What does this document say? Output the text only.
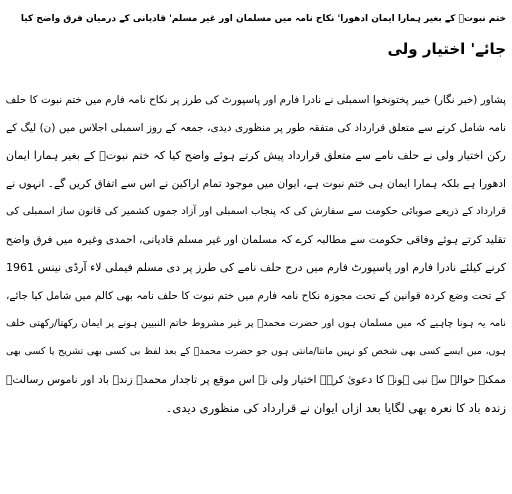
ختم نبوتؐ کے بغیر ہمارا ایمان ادھورا' نکاح نامہ میں مسلمان اور غیر مسلم' قادیانی کے درمیان فرق واضح کیا
جائے' اختیار ولی
پشاور (خبر نگار) خیبر پختونخوا اسمبلی نے نادرا فارم اور پاسپورٹ کی طرز پر نکاح نامہ فارم میں ختم نبوت کا حلف
نامہ شامل کرنے سے متعلق قرارداد کی متفقہ طور پر منظوری دیدی، جمعہ کے روز اسمبلی اجلاس میں (ن) لیگ کے
رکن اختیار ولی نے حلف نامے سے متعلق قرارداد پیش کرتے ہوئے واضح کیا کہ ختم نبوتؐ کے بغیر ہمارا ایمان
ادھورا ہے بلکہ ہمارا ایمان ہی ختم نبوت ہے، ایوان میں موجود تمام اراکین نے اس سے اتفاق کریں گے۔ انہوں نے
قرارداد کے ذریعے صوبائی حکومت سے سفارش کی کہ پنجاب اسمبلی اور آزاد جموں کشمیر کی قانون ساز اسمبلی کی
تقلید کرتے ہوئے وفاقی حکومت سے مطالبہ کرے کہ مسلمان اور غیر مسلم قادیانی، احمدی وغیرہ میں فرق واضح
کرنے کیلئے نادرا فارم اور پاسپورٹ فارم میں درج حلف نامے کی طرز پر دی مسلم فیملی لاء آرڈی نینس 1961
کے تحت وضع کردہ قوانین کے تحت مجوزہ نکاح نامہ فارم میں ختم نبوت کا حلف نامہ بھی کالم میں شامل کیا جائے،
نامہ یہ ہونا چاہیے کہ میں مسلمان ہوں اور حضرت محمدؐ پر غیر مشروط خاتم النبیین ہونے پر ایمان رکھتا/رکھتی خلف
ہوں، میں ایسے کسی بھی شخص کو نہیں مانتا/مانتی ہوں جو حضرت محمدؐ کے بعد لفظ بی کسی بھی تشریح یا کسی بھی
ممکنہ حوالے سے نبی ہونے کا دعویٰ کرے۔ اختیار ولی نے اس موقع پر تاجدار محمدؐ زندہ باد اور ناموس رسالتؐ
زندہ باد کا نعرہ بھی لگایا بعد ازاں ایوان نے قرارداد کی منظوری دیدی۔
